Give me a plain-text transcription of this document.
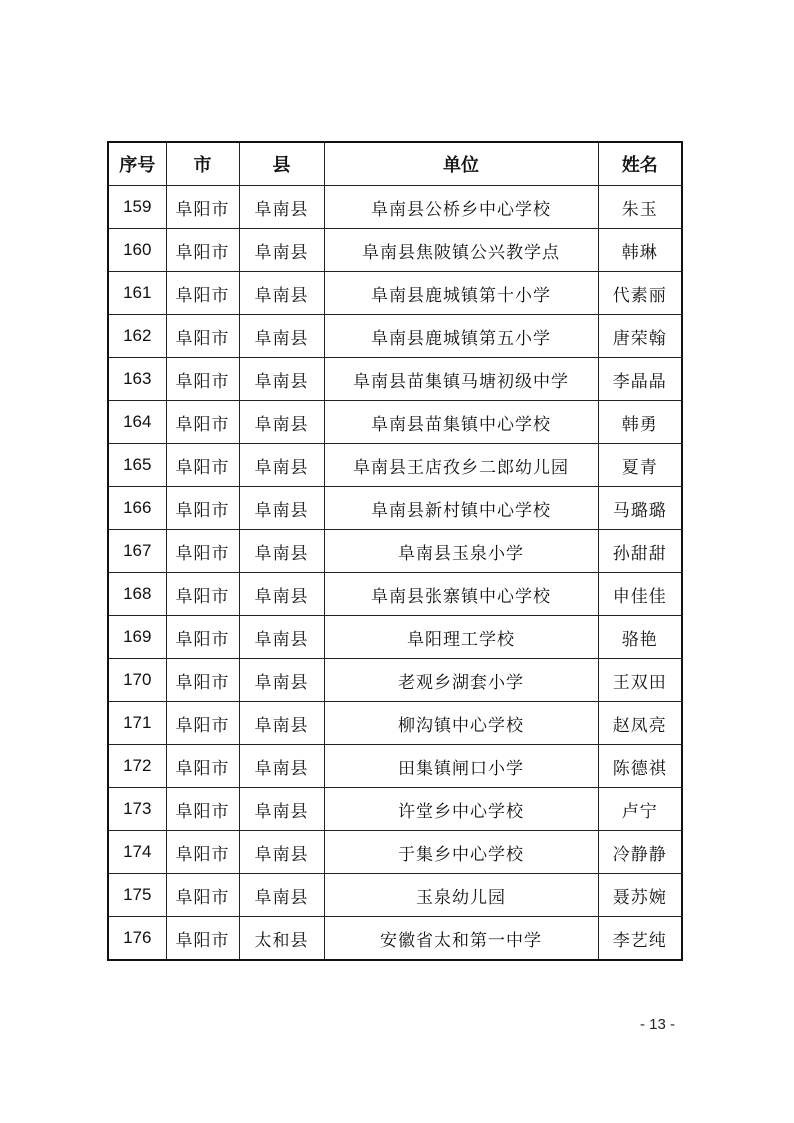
序号	市	县	单位	姓名
159	阜阳市	阜南县	阜南县公桥乡中心学校	朱玉
160	阜阳市	阜南县	阜南县焦陂镇公兴教学点	韩琳
161	阜阳市	阜南县	阜南县鹿城镇第十小学	代素丽
162	阜阳市	阜南县	阜南县鹿城镇第五小学	唐荣翰
163	阜阳市	阜南县	阜南县苗集镇马塘初级中学	李晶晶
164	阜阳市	阜南县	阜南县苗集镇中心学校	韩勇
165	阜阳市	阜南县	阜南县王店孜乡二郎幼儿园	夏青
166	阜阳市	阜南县	阜南县新村镇中心学校	马璐璐
167	阜阳市	阜南县	阜南县玉泉小学	孙甜甜
168	阜阳市	阜南县	阜南县张寨镇中心学校	申佳佳
169	阜阳市	阜南县	阜阳理工学校	骆艳
170	阜阳市	阜南县	老观乡湖套小学	王双田
171	阜阳市	阜南县	柳沟镇中心学校	赵凤亮
172	阜阳市	阜南县	田集镇闸口小学	陈德祺
173	阜阳市	阜南县	许堂乡中心学校	卢宁
174	阜阳市	阜南县	于集乡中心学校	冷静静
175	阜阳市	阜南县	玉泉幼儿园	聂苏婉
176	阜阳市	太和县	安徽省太和第一中学	李艺纯
- 13 -
